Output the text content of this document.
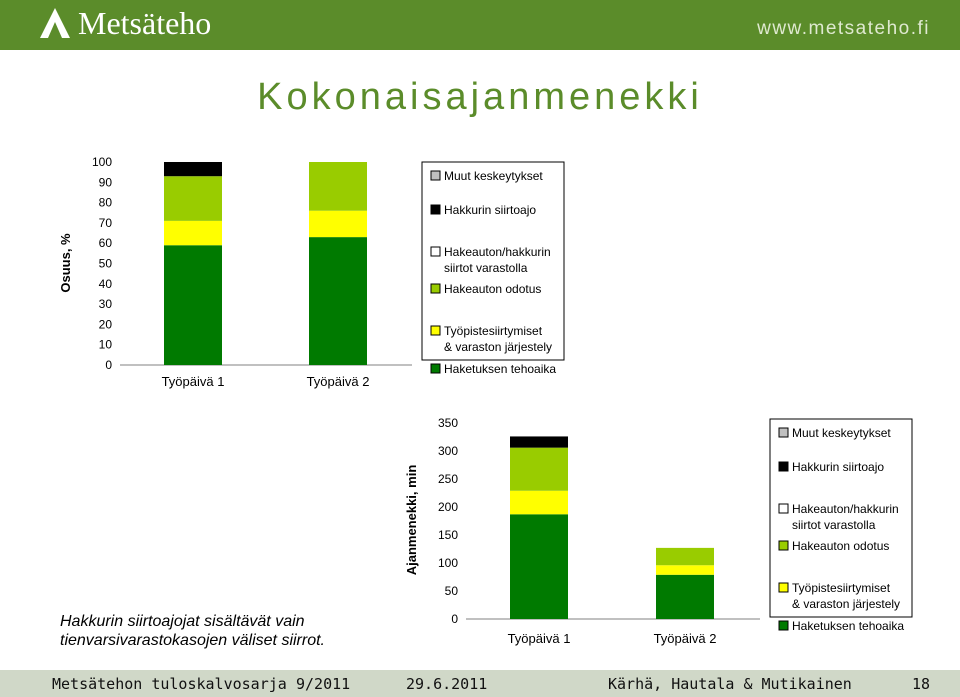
Metsäteho	www.metsateho.fi
Kokonaisajanmenekki
0
10
20
30
40
50
60
70
80
90
100
Osuus, %
Työpäivä 1	Työpäivä 2
Muut keskeytykset
Hakkurin siirtoajo
Hakeauton/hakkurin
siirtot varastolla
Hakeauton odotus
Työpistesiirtymiset
& varaston järjestely
Haketuksen tehoaika
0
50
100
150
200
250
300
350
Ajanmenekki, min
Työpäivä 1	Työpäivä 2
Muut keskeytykset
Hakkurin siirtoajo
Hakeauton/hakkurin
siirtot varastolla
Hakeauton odotus
Työpistesiirtymiset
& varaston järjestely
Haketuksen tehoaika
Hakkurin siirtoajojat sisältävät vain
tienvarsivarastokasojen väliset siirrot.
Metsätehon tuloskalvosarja 9/2011	29.6.2011	Kärhä, Hautala & Mutikainen	18
